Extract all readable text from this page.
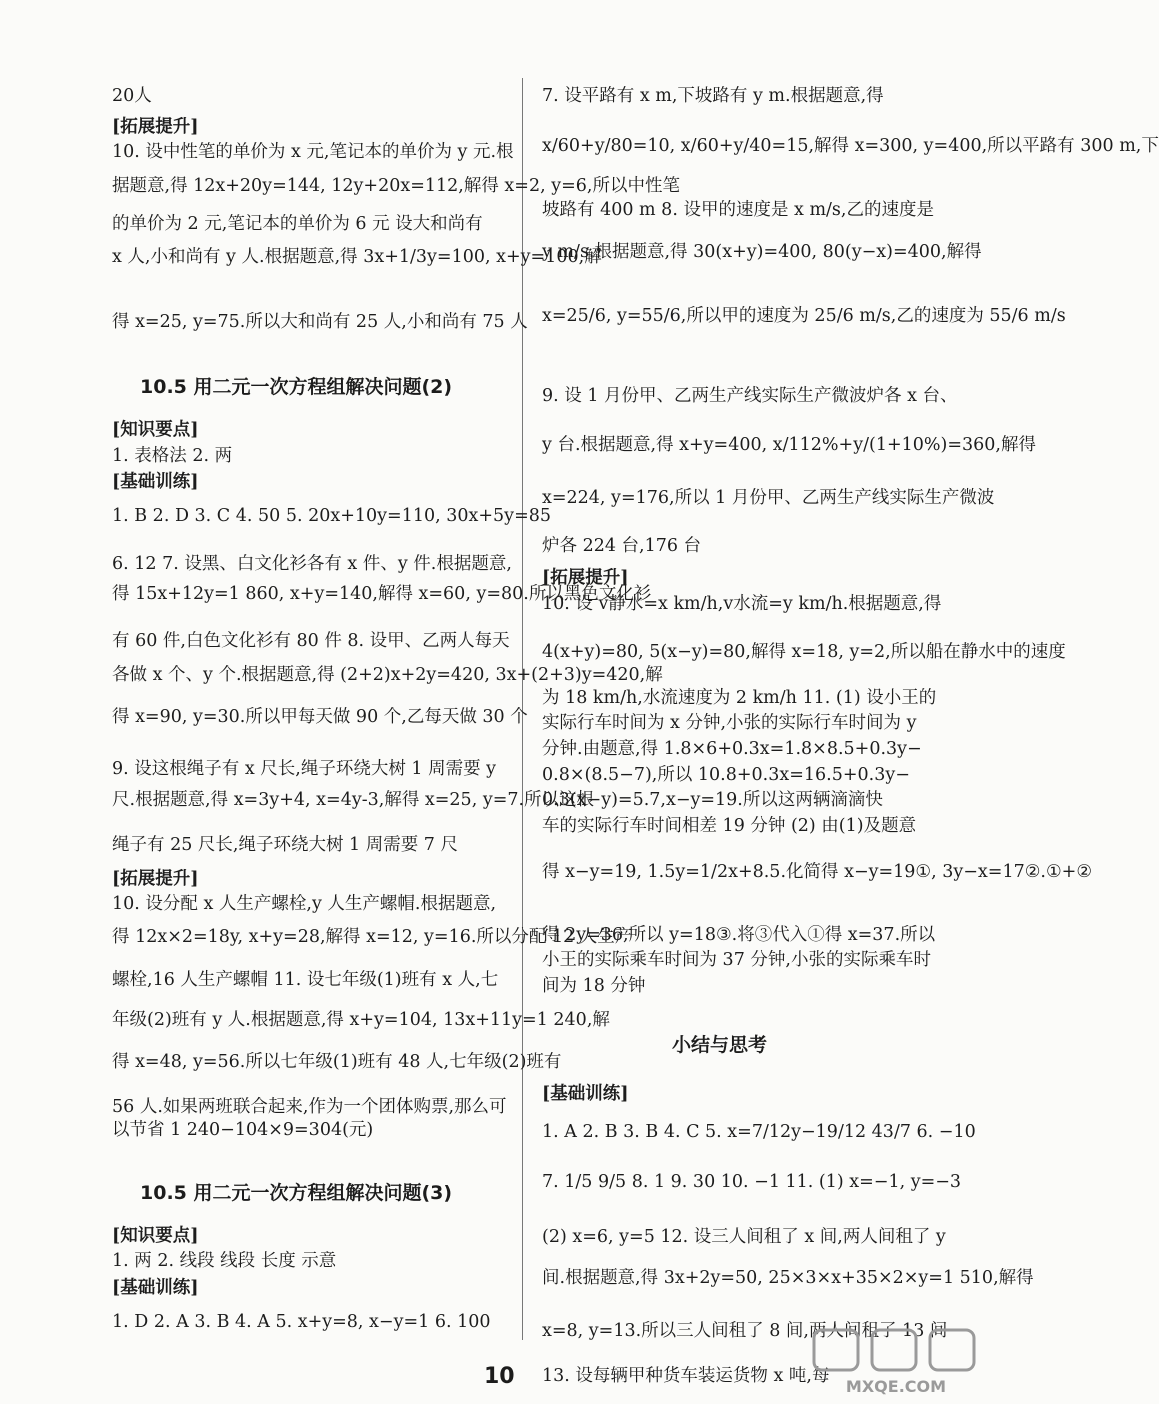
20人
[拓展提升]
10. 设中性笔的单价为 x 元,笔记本的单价为 y 元.根
据题意,得 12x+20y=144, 12y+20x=112,解得 x=2, y=6,所以中性笔
的单价为 2 元,笔记本的单价为 6 元 设大和尚有
x 人,小和尚有 y 人.根据题意,得 3x+1/3y=100, x+y=100,解
得 x=25, y=75.所以大和尚有 25 人,小和尚有 75 人
10.5 用二元一次方程组解决问题(2)
[知识要点]
1. 表格法 2. 两
[基础训练]
1. B 2. D 3. C 4. 50 5. 20x+10y=110, 30x+5y=85
6. 12 7. 设黑、白文化衫各有 x 件、y 件.根据题意,
得 15x+12y=1 860, x+y=140,解得 x=60, y=80.所以黑色文化衫
有 60 件,白色文化衫有 80 件 8. 设甲、乙两人每天
各做 x 个、y 个.根据题意,得 (2+2)x+2y=420, 3x+(2+3)y=420,解
得 x=90, y=30.所以甲每天做 90 个,乙每天做 30 个
9. 设这根绳子有 x 尺长,绳子环绕大树 1 周需要 y
尺.根据题意,得 x=3y+4, x=4y-3,解得 x=25, y=7.所以这根
绳子有 25 尺长,绳子环绕大树 1 周需要 7 尺
[拓展提升]
10. 设分配 x 人生产螺栓,y 人生产螺帽.根据题意,
得 12x×2=18y, x+y=28,解得 x=12, y=16.所以分配 12 人生产
螺栓,16 人生产螺帽 11. 设七年级(1)班有 x 人,七
年级(2)班有 y 人.根据题意,得 x+y=104, 13x+11y=1 240,解
得 x=48, y=56.所以七年级(1)班有 48 人,七年级(2)班有
56 人.如果两班联合起来,作为一个团体购票,那么可
以节省 1 240−104×9=304(元)
10.5 用二元一次方程组解决问题(3)
[知识要点]
1. 两 2. 线段 线段 长度 示意
[基础训练]
1. D 2. A 3. B 4. A 5. x+y=8, x−y=1 6. 100
7. 设平路有 x m,下坡路有 y m.根据题意,得
x/60+y/80=10, x/60+y/40=15,解得 x=300, y=400,所以平路有 300 m,下
坡路有 400 m 8. 设甲的速度是 x m/s,乙的速度是
y m/s.根据题意,得 30(x+y)=400, 80(y−x)=400,解得
x=25/6, y=55/6,所以甲的速度为 25/6 m/s,乙的速度为 55/6 m/s
9. 设 1 月份甲、乙两生产线实际生产微波炉各 x 台、
y 台.根据题意,得 x+y=400, x/112%+y/(1+10%)=360,解得
x=224, y=176,所以 1 月份甲、乙两生产线实际生产微波
炉各 224 台,176 台
[拓展提升]
10. 设 v静水=x km/h,v水流=y km/h.根据题意,得
4(x+y)=80, 5(x−y)=80,解得 x=18, y=2,所以船在静水中的速度
为 18 km/h,水流速度为 2 km/h 11. (1) 设小王的
实际行车时间为 x 分钟,小张的实际行车时间为 y
分钟.由题意,得 1.8×6+0.3x=1.8×8.5+0.3y−
0.8×(8.5−7),所以 10.8+0.3x=16.5+0.3y−
0.3(x−y)=5.7,x−y=19.所以这两辆滴滴快
车的实际行车时间相差 19 分钟 (2) 由(1)及题意
得 x−y=19, 1.5y=1/2x+8.5.化简得 x−y=19①, 3y−x=17②.①+②
得 2y=36,所以 y=18③.将③代入①得 x=37.所以
小王的实际乘车时间为 37 分钟,小张的实际乘车时
间为 18 分钟
小结与思考
[基础训练]
1. A 2. B 3. B 4. C 5. x=7/12y−19/12 43/7 6. −10
7. 1/5 9/5 8. 1 9. 30 10. −1 11. (1) x=−1, y=−3
(2) x=6, y=5 12. 设三人间租了 x 间,两人间租了 y
间.根据题意,得 3x+2y=50, 25×3×x+35×2×y=1 510,解得
x=8, y=13.所以三人间租了 8 间,两人间租了 13 间
13. 设每辆甲种货车装运货物 x 吨,每
10	MXQE.COM
